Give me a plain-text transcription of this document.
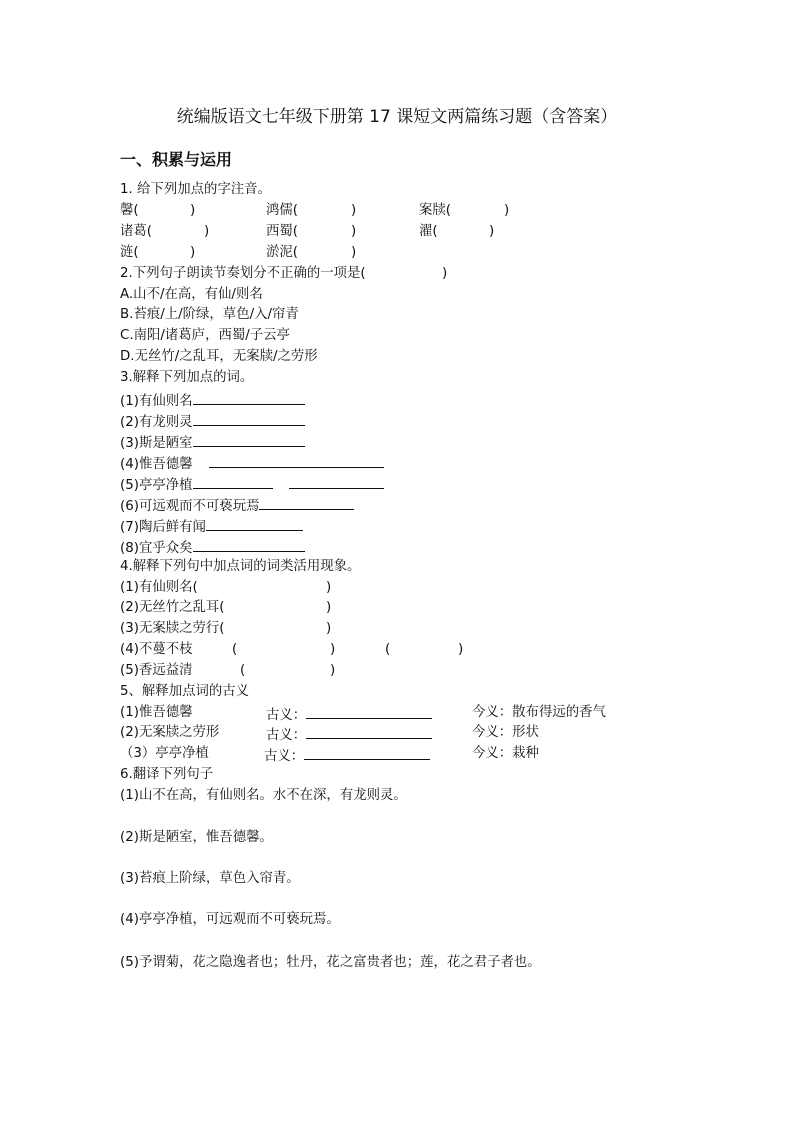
统编版语文七年级下册第 17 课短文两篇练习题（含答案）
一、积累与运用
1. 给下列加点的字注音。
馨(	)	鸿儒(	)	案牍(	)
诸葛(	)	西蜀(	)	濯(	)
涟(	)	淤泥(	)
2.下列句子朗读节奏划分不正确的一项是(	)
A.山不/在高，有仙/则名
B.苔痕/上/阶绿，草色/入/帘青
C.南阳/诸葛庐，西蜀/子云亭
D.无丝竹/之乱耳，无案牍/之劳形
3.解释下列加点的词。
(1)有仙则名
(2)有龙则灵
(3)斯是陋室
(4)惟吾德馨
(5)亭亭净植
(6)可远观而不可亵玩焉
(7)陶后鲜有闻
(8)宜乎众矣
4.解释下列句中加点词的词类活用现象。
(1)有仙则名(	)
(2)无丝竹之乱耳(	)
(3)无案牍之劳行(	)
(4)不蔓不枝	(	)	(	)
(5)香远益清	(	)
5、解释加点词的古义
(1)惟吾德馨	古义：	今义：散布得远的香气
(2)无案牍之劳形	古义：	今义：形状
（3）亭亭净植	古义：	今义：栽种
6.翻译下列句子
(1)山不在高，有仙则名。水不在深，有龙则灵。
(2)斯是陋室，惟吾德馨。
(3)苔痕上阶绿，草色入帘青。
(4)亭亭净植，可远观而不可亵玩焉。
(5)予谓菊，花之隐逸者也；牡丹，花之富贵者也；莲，花之君子者也。
